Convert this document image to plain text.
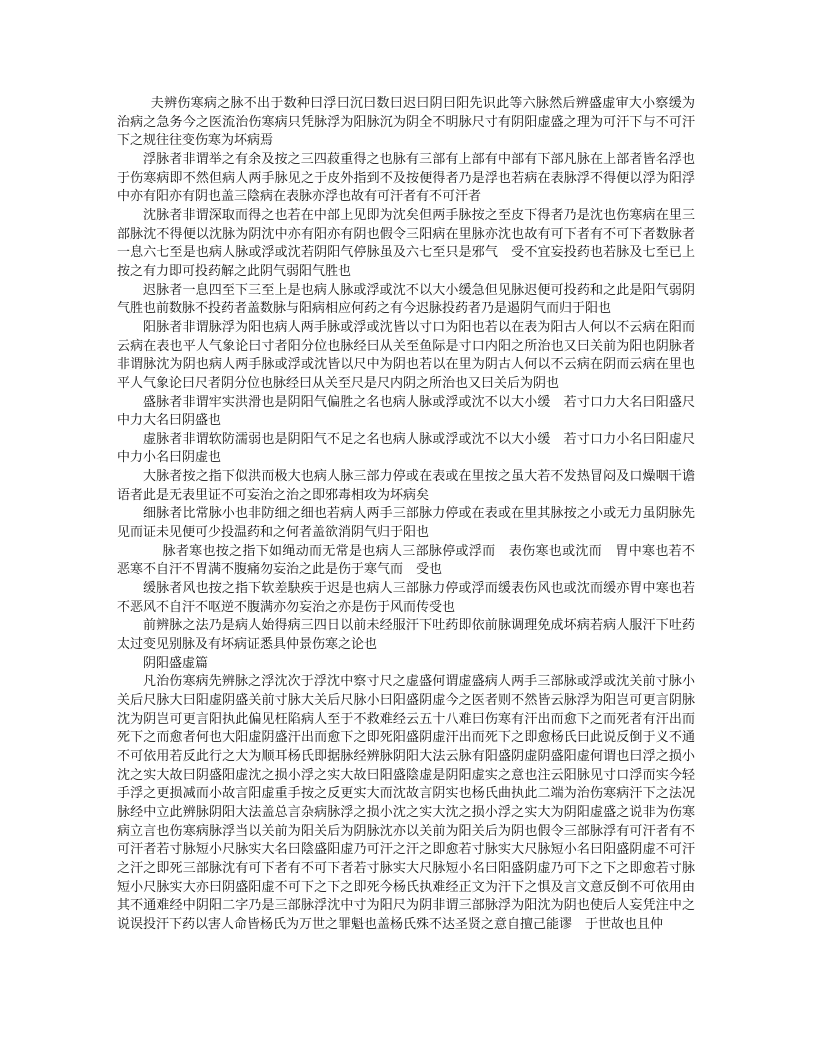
夫辨伤寒病之脉不出于数种曰浮曰沉曰数曰迟曰阴曰阳先识此等六脉然后辨盛虚审大小察缓为治病之急务今之医流治伤寒病只凭脉浮为阳脉沉为阴全不明脉尺寸有阴阳虚盛之理为可汗下与不可汗下之规往往变伤寒为坏病焉

浮脉者非谓举之有余及按之三四菽重得之也脉有三部有上部有中部有下部凡脉在上部者皆名浮也于伤寒病即不然但病人两手脉见之于皮外指到不及按便得者乃是浮也若病在表脉浮不得便以浮为阳浮中亦有阳亦有阴也盖三陰病在表脉亦浮也故有可汗者有不可汗者

沈脉者非谓深取而得之也若在中部上见即为沈矣但两手脉按之至皮下得者乃是沈也伤寒病在里三部脉沈不得便以沈脉为阴沈中亦有阳亦有阴也假令三阳病在里脉亦沈也故有可下者有不可下者数脉者一息六七至是也病人脉或浮或沈若阴阳气停脉虽及六七至只是邪气　受不宜妄投药也若脉及七至已上按之有力即可投药解之此阴气弱阳气胜也

迟脉者一息四至下三至上是也病人脉或浮或沈不以大小缓急但见脉迟便可投药和之此是阳气弱阴气胜也前数脉不投药者盖数脉与阳病相应何药之有今迟脉投药者乃是遏阴气而归于阳也

阳脉者非谓脉浮为阳也病人两手脉或浮或沈皆以寸口为阳也若以在表为阳古人何以不云病在阳而云病在表也平人气象论曰寸者阳分位也脉经曰从关至鱼际是寸口内阳之所治也又曰关前为阳也阴脉者非谓脉沈为阴也病人两手脉或浮或沈皆以尺中为阴也若以在里为阴古人何以不云病在阴而云病在里也平人气象论曰尺者阴分位也脉经曰从关至尺是尺内阴之所治也又曰关后为阴也

盛脉者非谓牢实洪滑也是阴阳气偏胜之名也病人脉或浮或沈不以大小缓　若寸口力大名曰阳盛尺中力大名曰阴盛也

虚脉者非谓软防濡弱也是阴阳气不足之名也病人脉或浮或沈不以大小缓　若寸口力小名曰阳虚尺中力小名曰阴虚也

大脉者按之指下似洪而极大也病人脉三部力停或在表或在里按之虽大若不发热冒闷及口燥咽干谵语者此是无表里证不可妄治之治之即邪毒相攻为坏病矣

细脉者比常脉小也非防细之细也若病人两手三部脉力停或在表或在里其脉按之小或无力虽阴脉先见而证未见便可少投温药和之何者盖欲消阴气归于阳也

脉者寒也按之指下如绳动而无常是也病人三部脉停或浮而　表伤寒也或沈而　胃中寒也若不恶寒不自汗不胃满不腹痛勿妄治之此是伤于寒气而　受也

缓脉者风也按之指下软差駃疾于迟是也病人三部脉力停或浮而缓表伤风也或沈而缓亦胃中寒也若不恶风不自汗不呕逆不腹满亦勿妄治之亦是伤于风而传受也

前辨脉之法乃是病人始得病三四日以前未经服汗下吐药即依前脉调理免成坏病若病人服汗下吐药太过变见别脉及有坏病证悉具仲景伤寒之论也

阴阳盛虚篇

凡治伤寒病先辨脉之浮沈次于浮沈中察寸尺之虚盛何谓虚盛病人两手三部脉或浮或沈关前寸脉小关后尺脉大曰阳虚阴盛关前寸脉大关后尺脉小曰阳盛阴虚今之医者则不然皆云脉浮为阳岂可更言阴脉沈为阴岂可更言阳执此偏见枉陷病人至于不救难经云五十八难曰伤寒有汗出而愈下之而死者有汗出而死下之而愈者何也大阳虚阴盛汗出而愈下之即死阳盛阴虚汗出而死下之即愈杨氏曰此说反倒于义不通不可依用若反此行之大为顺耳杨氏即据脉经辨脉阴阳大法云脉有阳盛阴虚阴盛阳虚何谓也曰浮之损小沈之实大故曰阴盛阳虚沈之损小浮之实大故曰阳盛陰虚是阴阳虚实之意也注云阳脉见寸口浮而实今轻手浮之更损减而小故言阳虚重手按之反更实大而沈故言阴实也杨氏曲执此二端为治伤寒病汗下之法况脉经中立此辨脉阴阳大法盖总言杂病脉浮之损小沈之实大沈之损小浮之实大为阴阳虚盛之说非为伤寒病立言也伤寒病脉浮当以关前为阳关后为阴脉沈亦以关前为阳关后为阴也假令三部脉浮有可汗者有不可汗者若寸脉短小尺脉实大名曰陰盛阳虚乃可汗之汗之即愈若寸脉实大尺脉短小名曰阳盛阴虚不可汗之汗之即死三部脉沈有可下者有不可下者若寸脉实大尺脉短小名曰阳盛阴虚乃可下之下之即愈若寸脉短小尺脉实大亦曰阴盛阳虚不可下之下之即死今杨氏执难经正文为汗下之惧及言文意反倒不可依用由其不通难经中阴阳二字乃是三部脉浮沈中寸为阳尺为阴非谓三部脉浮为阳沈为阴也使后人妄凭注中之说误投汗下药以害人命皆杨氏为万世之罪魁也盖杨氏殊不达圣贤之意自擅己能谬　于世故也且仲
